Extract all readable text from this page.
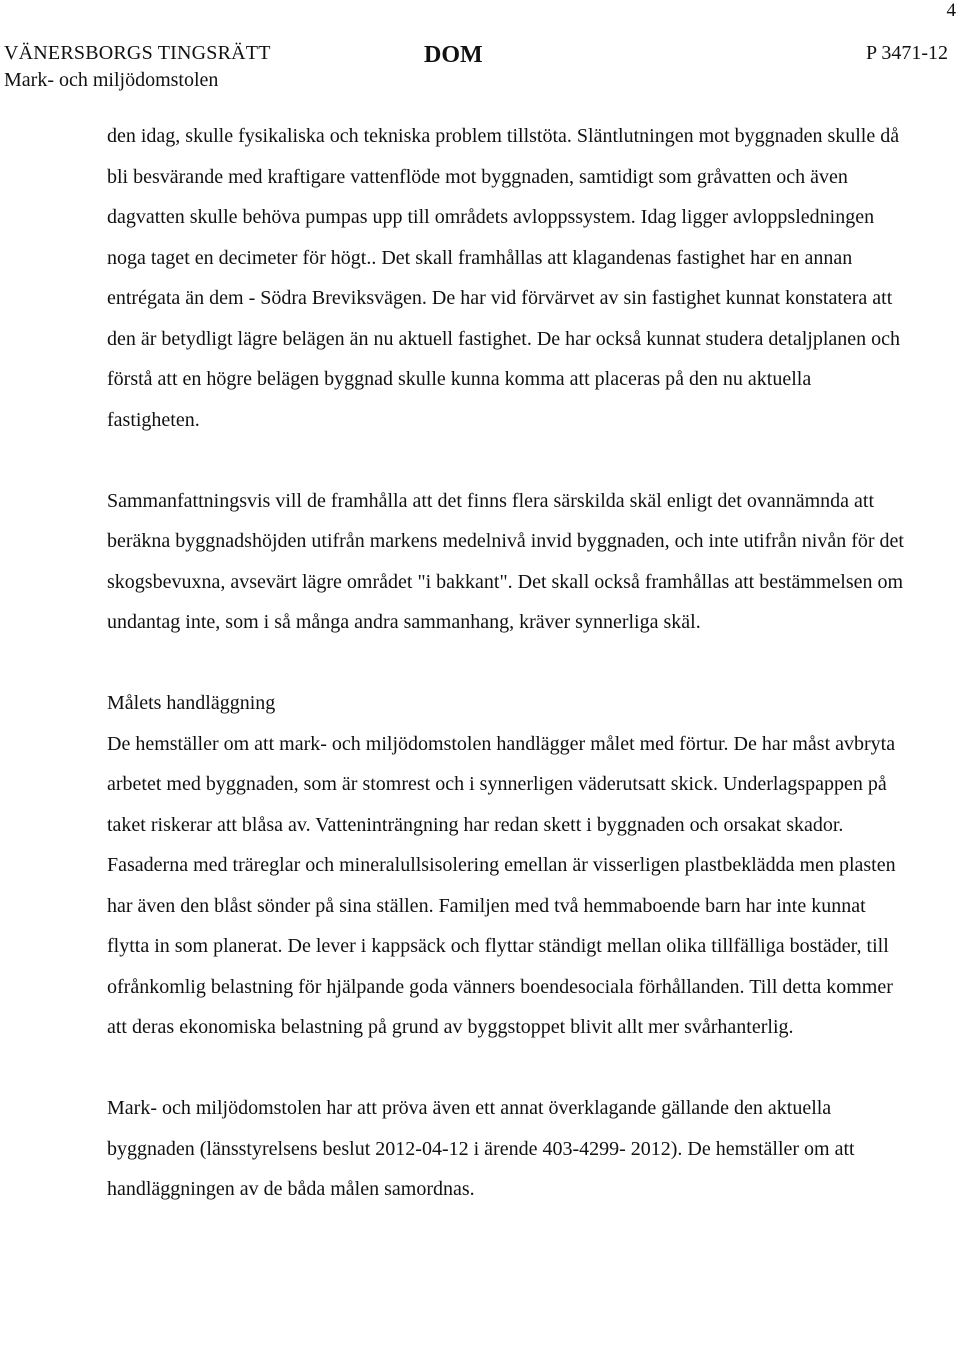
4
VÄNERSBORGS TINGSRÄTT
Mark- och miljödomstolen
DOM	P 3471-12

den idag, skulle fysikaliska och tekniska problem tillstöta. Släntlutningen mot byggnaden skulle då bli besvärande med kraftigare vattenflöde mot byggnaden, samtidigt som gråvatten och även dagvatten skulle behöva pumpas upp till områdets avloppssystem. Idag ligger avloppsledningen noga taget en decimeter för högt.. Det skall framhållas att klagandenas fastighet har en annan entrégata än dem - Södra Breviksvägen. De har vid förvärvet av sin fastighet kunnat konstatera att den är betydligt lägre belägen än nu aktuell fastighet. De har också kunnat studera detaljplanen och förstå att en högre belägen byggnad skulle kunna komma att placeras på den nu aktuella fastigheten.

Sammanfattningsvis vill de framhålla att det finns flera särskilda skäl enligt det ovannämnda att beräkna byggnadshöjden utifrån markens medelnivå invid byggnaden, och inte utifrån nivån för det skogsbevuxna, avsevärt lägre området "i bakkant". Det skall också framhållas att bestämmelsen om undantag inte, som i så många andra sammanhang, kräver synnerliga skäl.

Målets handläggning

De hemställer om att mark- och miljödomstolen handlägger målet med förtur. De har måst avbryta arbetet med byggnaden, som är stomrest och i synnerligen väderutsatt skick. Underlagspappen på taket riskerar att blåsa av. Vatteninträngning har redan skett i byggnaden och orsakat skador. Fasaderna med träreglar och mineralullsisolering emellan är visserligen plastbeklädda men plasten har även den blåst sönder på sina ställen. Familjen med två hemmaboende barn har inte kunnat flytta in som planerat. De lever i kappsäck och flyttar ständigt mellan olika tillfälliga bostäder, till ofrånkomlig belastning för hjälpande goda vänners boendesociala förhållanden. Till detta kommer att deras ekonomiska belastning på grund av byggstoppet blivit allt mer svårhanterlig.

Mark- och miljödomstolen har att pröva även ett annat överklagande gällande den aktuella byggnaden (länsstyrelsens beslut 2012-04-12 i ärende 403-4299- 2012). De hemställer om att handläggningen av de båda målen samordnas.
